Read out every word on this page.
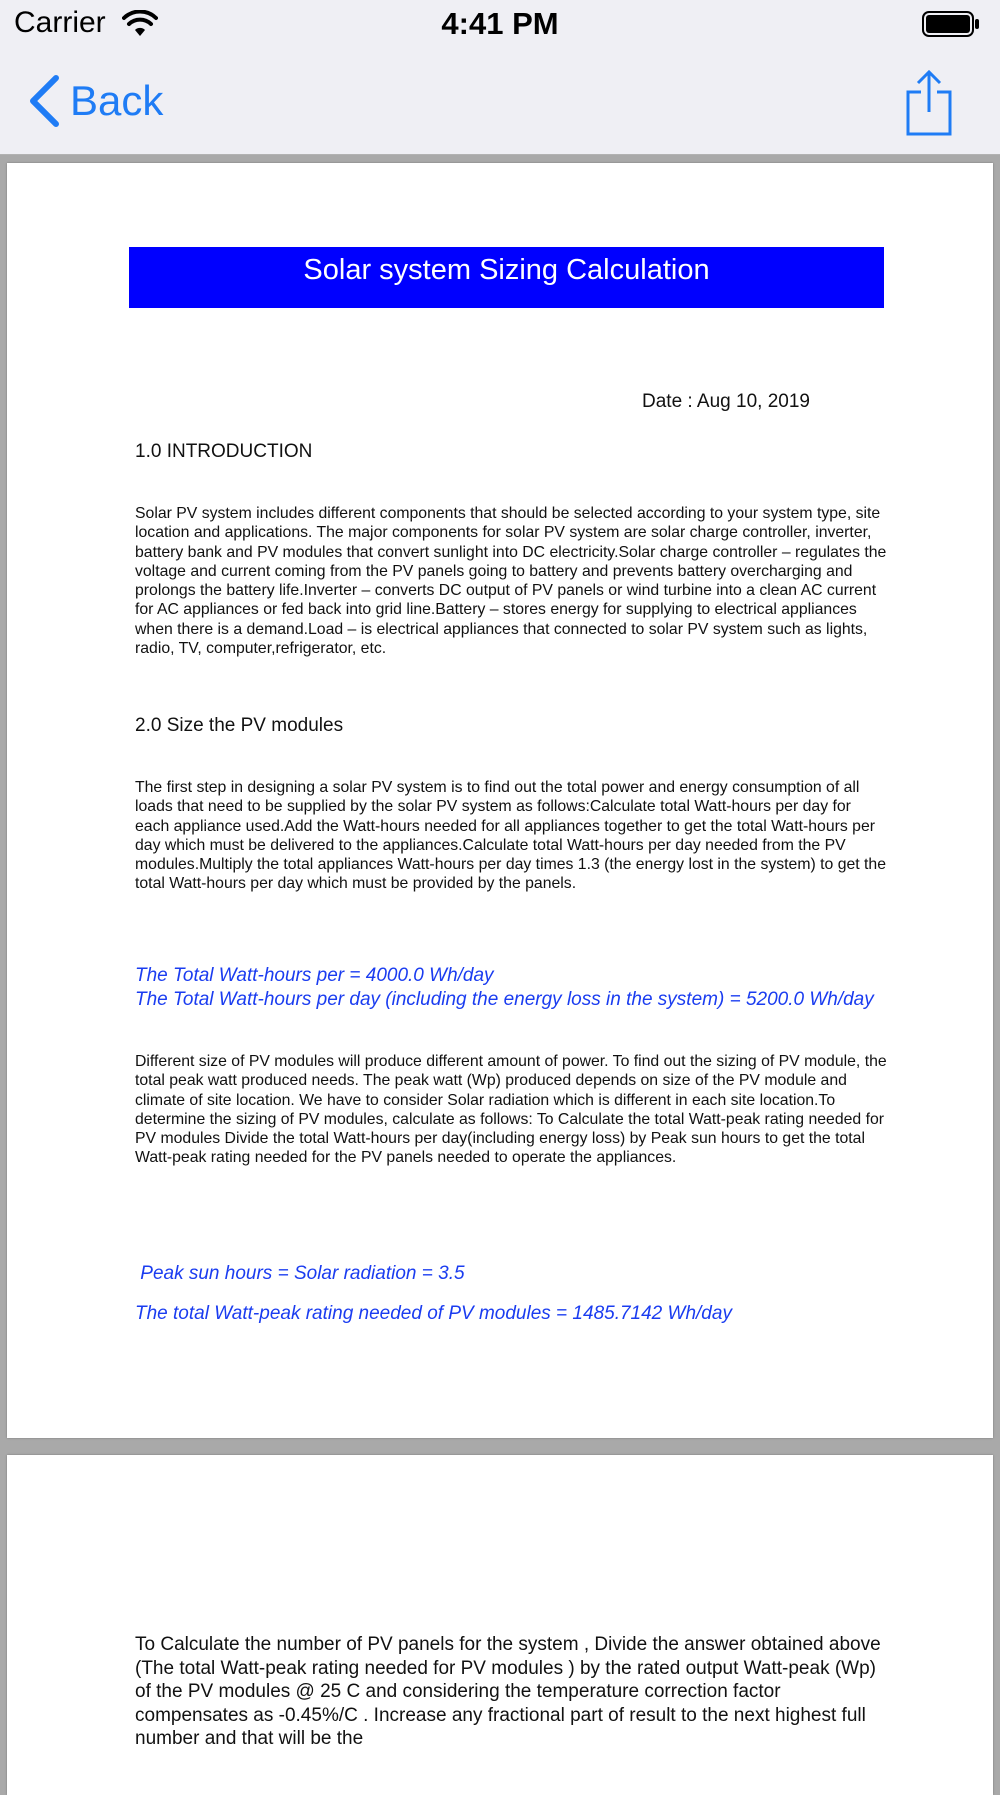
Carrier	4:41 PM
Back
Solar system Sizing Calculation
Date : Aug 10, 2019
1.0 INTRODUCTION
Solar PV system includes different components that should be selected according to your system type, site location and applications. The major components for solar PV system are solar charge controller, inverter, battery bank and PV modules that convert sunlight into DC electricity.Solar charge controller – regulates the voltage and current coming from the PV panels going to battery and prevents battery overcharging and prolongs the battery life.Inverter – converts DC output of PV panels or wind turbine into a clean AC current for AC appliances or fed back into grid line.Battery – stores energy for supplying to electrical appliances when there is a demand.Load – is electrical appliances that connected to solar PV system such as lights, radio, TV, computer,refrigerator, etc.
2.0 Size the PV modules
The first step in designing a solar PV system is to find out the total power and energy consumption of all loads that need to be supplied by the solar PV system as follows:Calculate total Watt-hours per day for each appliance used.Add the Watt-hours needed for all appliances together to get the total Watt-hours per day which must be delivered to the appliances.Calculate total Watt-hours per day needed from the PV modules.Multiply the total appliances Watt-hours per day times 1.3 (the energy lost in the system) to get the total Watt-hours per day which must be provided by the panels.
The Total Watt-hours per = 4000.0 Wh/day
The Total Watt-hours per day (including the energy loss in the system) = 5200.0 Wh/day
Different size of PV modules will produce different amount of power. To find out the sizing of PV module, the total peak watt produced needs. The peak watt (Wp) produced depends on size of the PV module and climate of site location. We have to consider Solar radiation which is different in each site location.To determine the sizing of PV modules, calculate as follows: To Calculate the total Watt-peak rating needed for PV modules Divide the total Watt-hours per day(including energy loss) by Peak sun hours to get the total Watt-peak rating needed for the PV panels needed to operate the appliances.
Peak sun hours = Solar radiation = 3.5
The total Watt-peak rating needed of PV modules = 1485.7142 Wh/day
To Calculate the number of PV panels for the system , Divide the answer obtained above (The total Watt-peak rating needed for PV modules ) by the rated output Watt-peak (Wp) of the PV modules @ 25 C and considering the temperature correction factor compensates as -0.45%/C . Increase any fractional part of result to the next highest full number and that will be the
